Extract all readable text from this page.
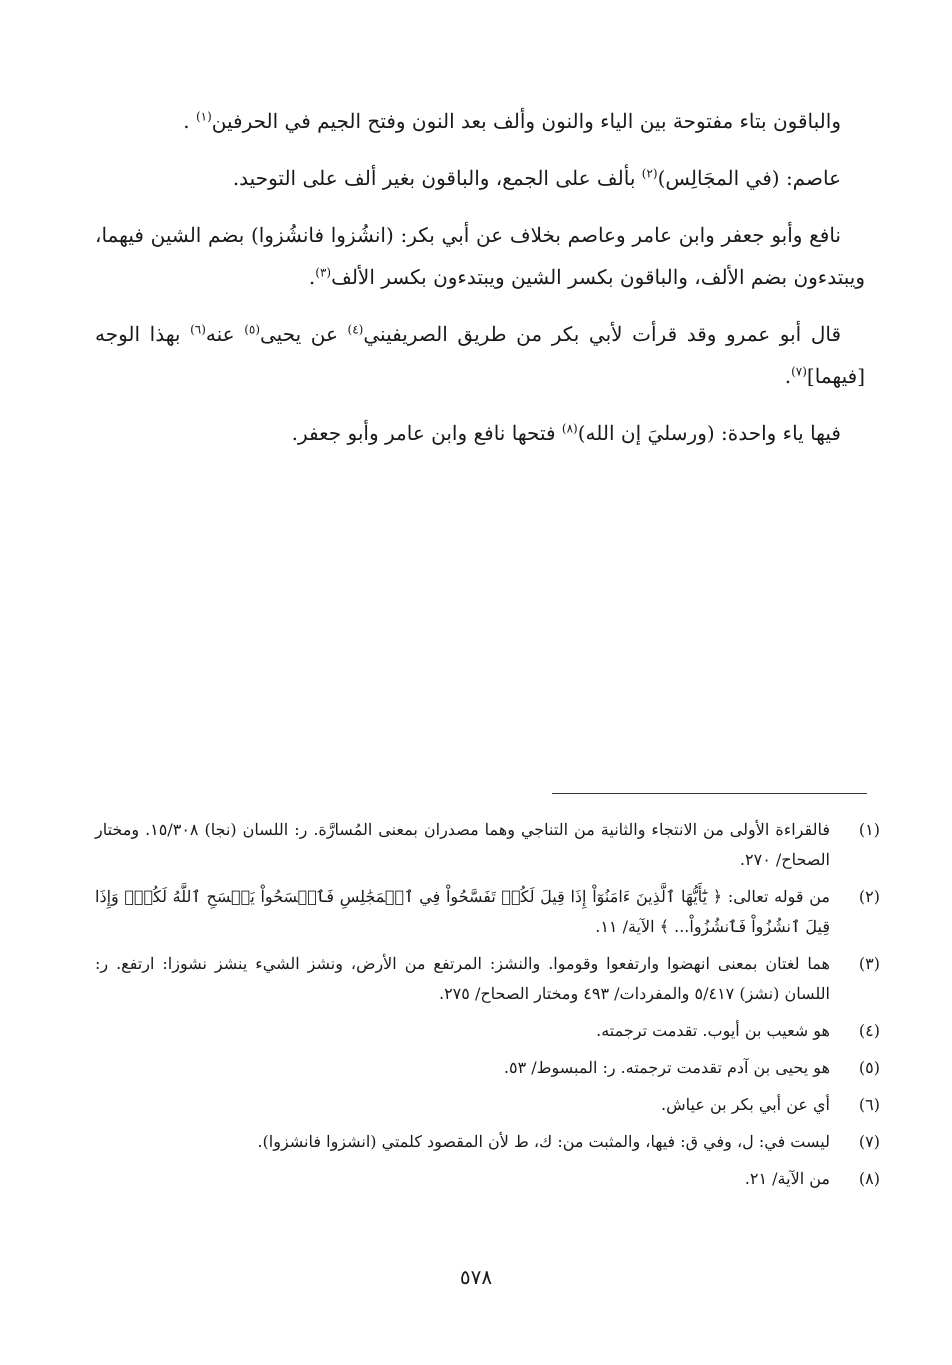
والباقون بتاء مفتوحة بين الياء والنون وألف بعد النون وفتح الجيم في الحرفين$^{(١)}$ .

عاصم: (في المجَالِس)$^{(٢)}$ بألف على الجمع، والباقون بغير ألف على التوحيد.

نافع وأبو جعفر وابن عامر وعاصم بخلاف عن أبي بكر: (انشُزوا فانشُزوا) بضم الشين فيهما، ويبتدءون بضم الألف، والباقون بكسر الشين ويبتدءون بكسر الألف$^{(٣)}$.

قال أبو عمرو وقد قرأت لأبي بكر من طريق الصريفيني$^{(٤)}$ عن يحيى$^{(٥)}$ عنه$^{(٦)}$ بهذا الوجه [فيهما]$^{(٧)}$.

فيها ياء واحدة: (ورسليَ إن الله)$^{(٨)}$ فتحها نافع وابن عامر وأبو جعفر.

(١)
فالقراءة الأولى من الانتجاء والثانية من التناجي وهما مصدران بمعنى المُسارَّة. ر: اللسان (نجا) ١٥/٣٠٨. ومختار الصحاح/ ٢٧٠.
(٢)
من قوله تعالى: ﴿ يَٰٓأَيُّهَا ٱلَّذِينَ ءَامَنُوٓاْ إِذَا قِيلَ لَكُمۡ تَفَسَّحُواْ فِي ٱلۡمَجَٰلِسِ فَٱفۡسَحُواْ يَفۡسَحِ ٱللَّهُ لَكُمۡۖ وَإِذَا قِيلَ ٱنشُزُواْ فَٱنشُزُواْ... ﴾ الآية/ ١١.
(٣)
هما لغتان بمعنى انهضوا وارتفعوا وقوموا. والنشز: المرتفع من الأرض، ونشز الشيء ينشز نشوزا: ارتفع. ر: اللسان (نشز) ٥/٤١٧ والمفردات/ ٤٩٣ ومختار الصحاح/ ٢٧٥.
(٤)
هو شعيب بن أيوب. تقدمت ترجمته.
(٥)
هو يحيى بن آدم تقدمت ترجمته. ر: المبسوط/ ٥٣.
(٦)
أي عن أبي بكر بن عياش.
(٧)
ليست في: ل، وفي ق: فيها، والمثبت من: ك، ط لأن المقصود كلمتي (انشزوا فانشزوا).
(٨)
من الآية/ ٢١.
٥٧٨
